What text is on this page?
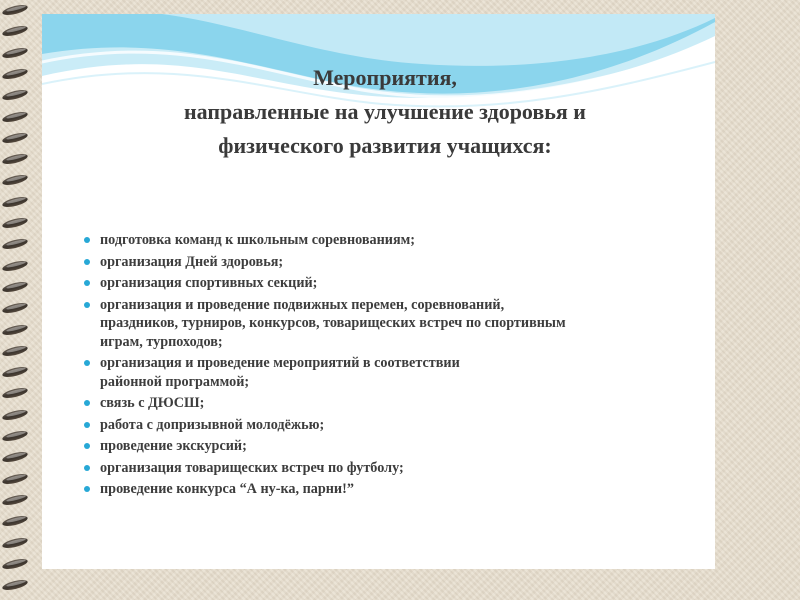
Мероприятия,
направленные на улучшение здоровья и
физического развития учащихся:
подготовка команд к школьным соревнованиям;
организация Дней здоровья;
организация спортивных секций;
организация и проведение подвижных перемен, соревнований,
праздников, турниров, конкурсов, товарищеских встреч по спортивным
играм, турпоходов;
организация и проведение мероприятий в соответствии
районной программой;
связь с ДЮСШ;
работа с допризывной молодёжью;
проведение экскурсий;
организация товарищеских встреч по футболу;
проведение конкурса “А ну-ка, парни!”
